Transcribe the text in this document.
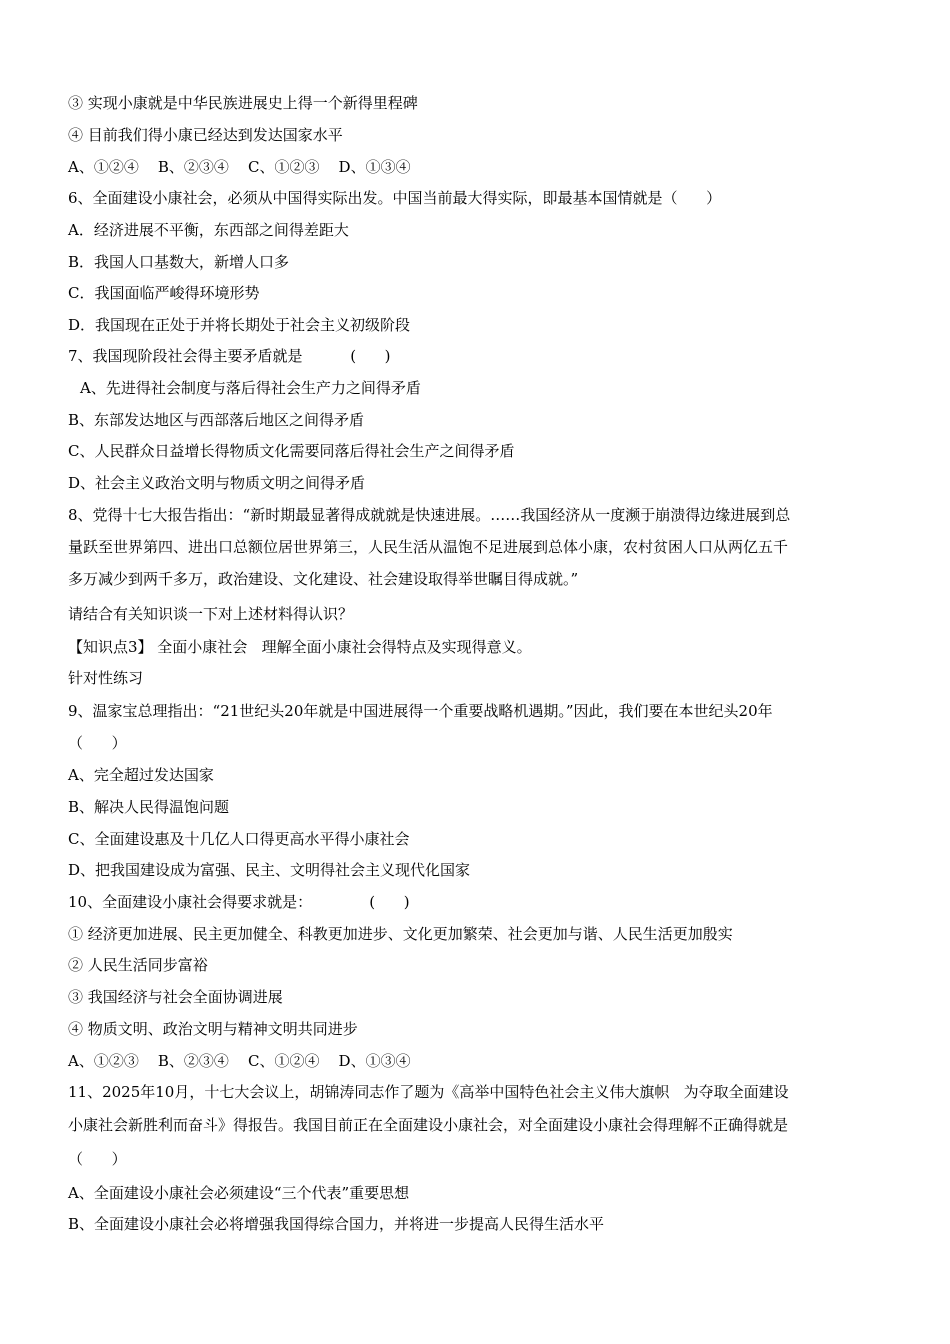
③ 实现小康就是中华民族进展史上得一个新得里程碑
④ 目前我们得小康已经达到发达国家水平
A、①②④    B、②③④    C、①②③    D、①③④
6、全面建设小康社会，必须从中国得实际出发。中国当前最大得实际，即最基本国情就是（      ）
A．经济进展不平衡，东西部之间得差距大
B．我国人口基数大，新增人口多
C．我国面临严峻得环境形势
D．我国现在正处于并将长期处于社会主义初级阶段
7、我国现阶段社会得主要矛盾就是          (      )
A、先进得社会制度与落后得社会生产力之间得矛盾
B、东部发达地区与西部落后地区之间得矛盾
C、人民群众日益增长得物质文化需要同落后得社会生产之间得矛盾
D、社会主义政治文明与物质文明之间得矛盾
8、党得十七大报告指出：“新时期最显著得成就就是快速进展。……我国经济从一度濒于崩溃得边缘进展到总
量跃至世界第四、进出口总额位居世界第三，人民生活从温饱不足进展到总体小康，农村贫困人口从两亿五千
多万减少到两千多万，政治建设、文化建设、社会建设取得举世瞩目得成就。”
请结合有关知识谈一下对上述材料得认识？
【知识点3】 全面小康社会   理解全面小康社会得特点及实现得意义。
针对性练习
9、温家宝总理指出：“21世纪头20年就是中国进展得一个重要战略机遇期。”因此，我们要在本世纪头20年
（      ）
A、完全超过发达国家
B、解决人民得温饱问题
C、全面建设惠及十几亿人口得更高水平得小康社会
D、把我国建设成为富强、民主、文明得社会主义现代化国家
10、全面建设小康社会得要求就是：            (      )
① 经济更加进展、民主更加健全、科教更加进步、文化更加繁荣、社会更加与谐、人民生活更加殷实
② 人民生活同步富裕
③ 我国经济与社会全面协调进展
④ 物质文明、政治文明与精神文明共同进步
A、①②③    B、②③④    C、①②④    D、①③④
11、2025年10月，十七大会议上，胡锦涛同志作了题为《高举中国特色社会主义伟大旗帜   为夺取全面建设
小康社会新胜利而奋斗》得报告。我国目前正在全面建设小康社会，对全面建设小康社会得理解不正确得就是
（      ）
A、全面建设小康社会必须建设“三个代表”重要思想
B、全面建设小康社会必将增强我国得综合国力，并将进一步提高人民得生活水平
